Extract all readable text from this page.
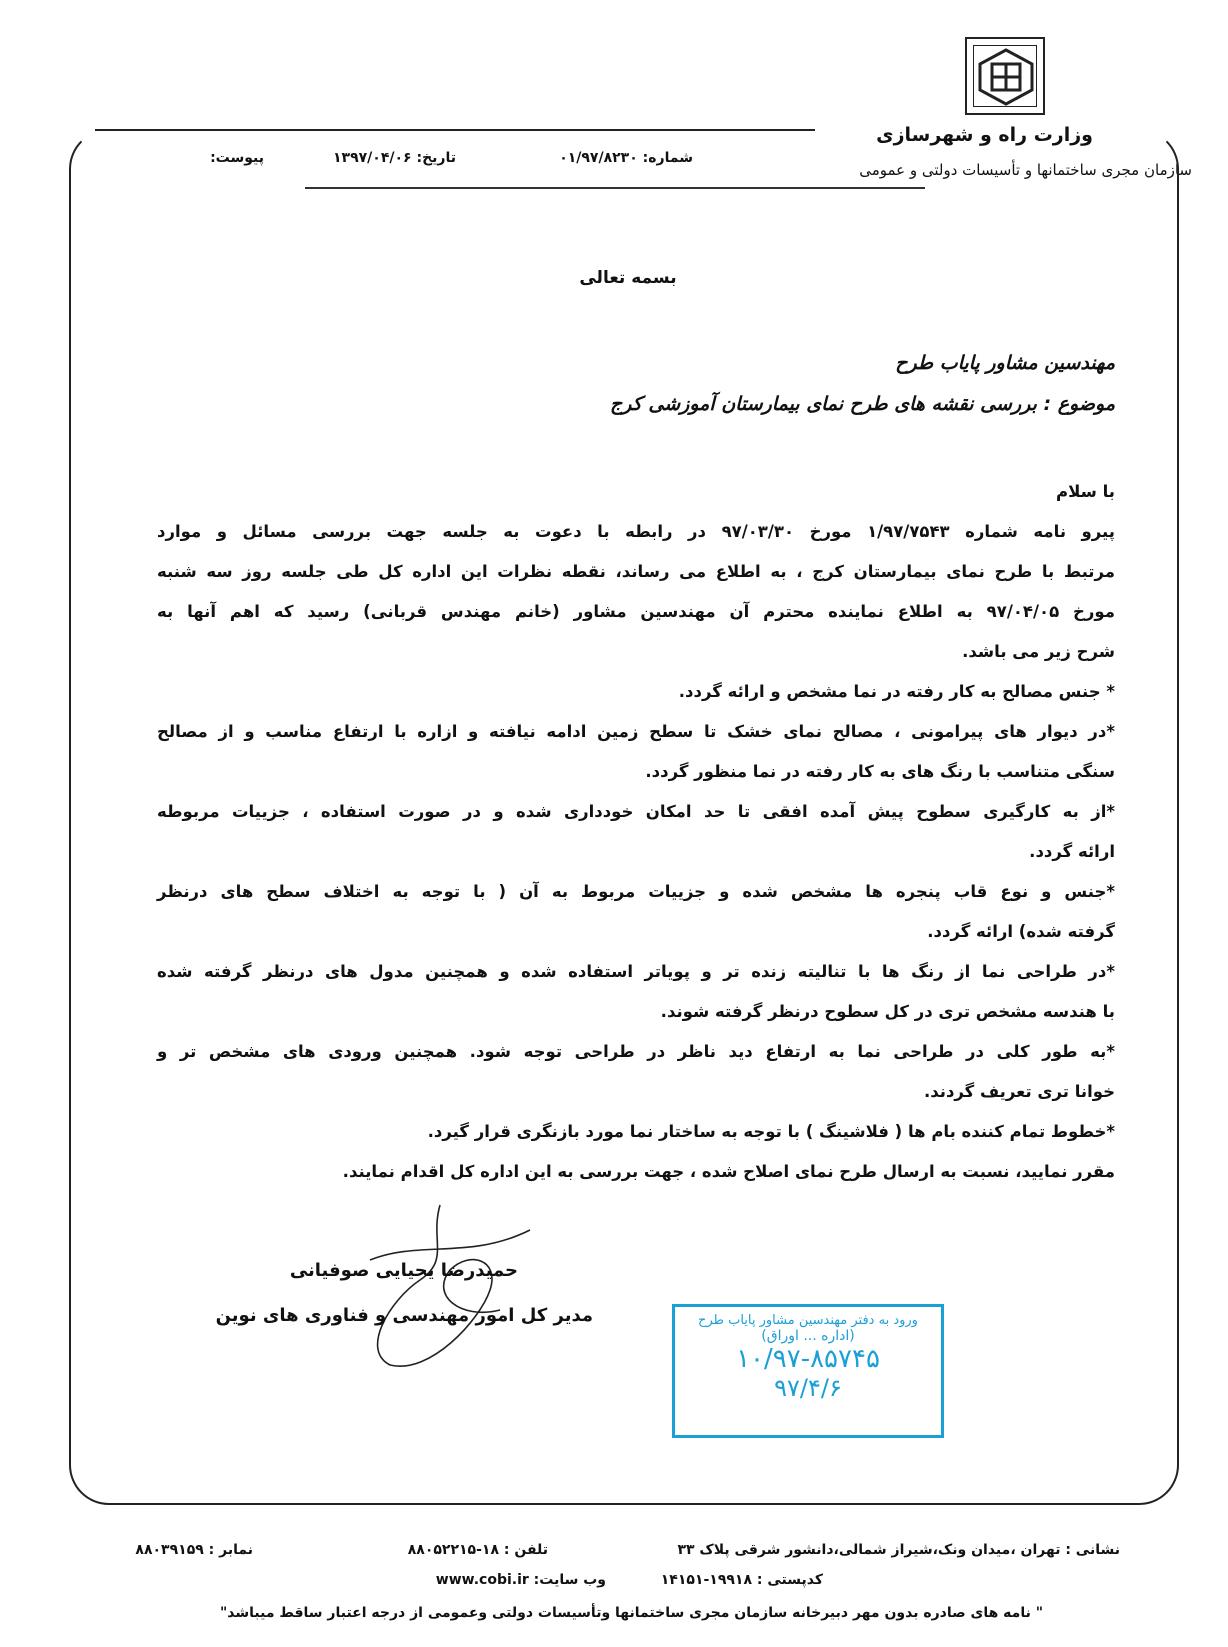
وزارت راه و شهرسازی
سازمان مجری ساختمانها و تأسیسات دولتی و عمومی
شماره: ۰۱/۹۷/۸۲۳۰
تاریخ: ۱۳۹۷/۰۴/۰۶
پیوست:
بسمه تعالی
مهندسین مشاور پایاب طرح
موضوع : بررسی نقشه های طرح نمای بیمارستان آموزشی کرج
با سلام
پیرو نامه شماره ۱/۹۷/۷۵۴۳ مورخ ۹۷/۰۳/۳۰ در رابطه با دعوت به جلسه جهت بررسی مسائل و موارد
مرتبط با طرح نمای بیمارستان کرج ، به اطلاع می رساند، نقطه نظرات این اداره کل طی جلسه روز سه شنبه
مورخ ۹۷/۰۴/۰۵ به اطلاع نماینده محترم آن مهندسین مشاور (خانم مهندس قربانی) رسید که اهم آنها به
شرح زیر می باشد.
* جنس مصالح به کار رفته در نما مشخص و ارائه گردد.
*در دیوار های پیرامونی ، مصالح نمای خشک تا سطح زمین ادامه نیافته و ازاره با ارتفاع مناسب و از مصالح
سنگی متناسب با رنگ های به کار رفته در نما منظور گردد.
*از به کارگیری سطوح پیش آمده افقی تا حد امکان خودداری شده و در صورت استفاده ، جزییات مربوطه
ارائه گردد.
*جنس و نوع قاب پنجره ها مشخص شده و جزییات مربوط به آن ( با توجه به اختلاف سطح های درنظر
گرفته شده) ارائه گردد.
*در طراحی نما از رنگ ها با تنالیته زنده تر و پویاتر استفاده شده و همچنین مدول های درنظر گرفته شده
با هندسه مشخص تری در کل سطوح درنظر گرفته شوند.
*به طور کلی در طراحی نما به ارتفاع دید ناظر در طراحی توجه شود. همچنین ورودی های مشخص تر و
خوانا تری تعریف گردند.
*خطوط تمام کننده بام ها ( فلاشینگ ) با توجه به ساختار نما مورد بازنگری قرار گیرد.
مقرر نمایید، نسبت به ارسال طرح نمای اصلاح شده ، جهت بررسی به این اداره کل اقدام نمایند.
حمیدرضا یحیایی صوفیانی
مدیر کل امور مهندسی و فناوری های نوین	ورود به دفتر مهندسین مشاور پایاب طرح
(اداره ... اوراق)
۱۰/۹۷-۸۵۷۴۵
۹۷/۴/۶
نشانی : تهران ،میدان ونک،شیراز شمالی،دانشور شرقی پلاک ۳۳
تلفن : ۱۸-۸۸۰۵۲۲۱۵
نمابر : ۸۸۰۳۹۱۵۹
کدپستی : ۱۹۹۱۸-۱۴۱۵۱
وب سایت: www.cobi.ir
" نامه های صادره بدون مهر دبیرخانه سازمان مجری ساختمانها وتأسیسات دولتی وعمومی از درجه اعتبار ساقط میباشد"
